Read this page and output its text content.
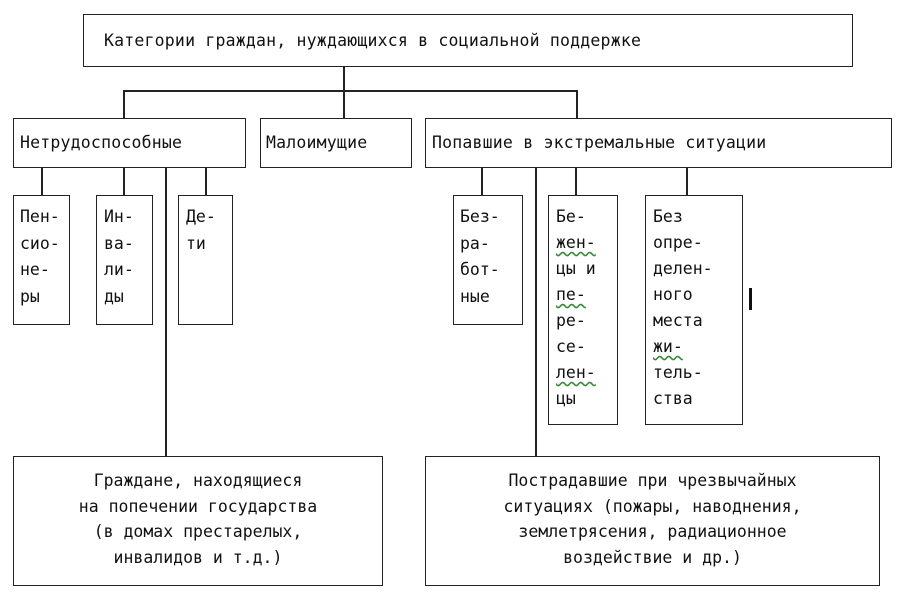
Категории граждан, нуждающихся в социальной поддержке
Нетрудоспособные	Малоимущие	Попавшие в экстремальные ситуации
Пен-
сио-
не-
ры
Ин-
ва-
ли-
ды
Де-
ти
Без-
ра-
бот-
ные
Бе-
жен-
цы и
пе-
ре-
се-
лен-
цы
Без
опре-
делен-
ного
места
жи-
тель-
ства
Граждане, находящиеся
на попечении государства
(в домах престарелых,
инвалидов и т.д.)
Пострадавшие при чрезвычайных
ситуациях (пожары, наводнения,
землетрясения, радиационное
воздействие и др.)
